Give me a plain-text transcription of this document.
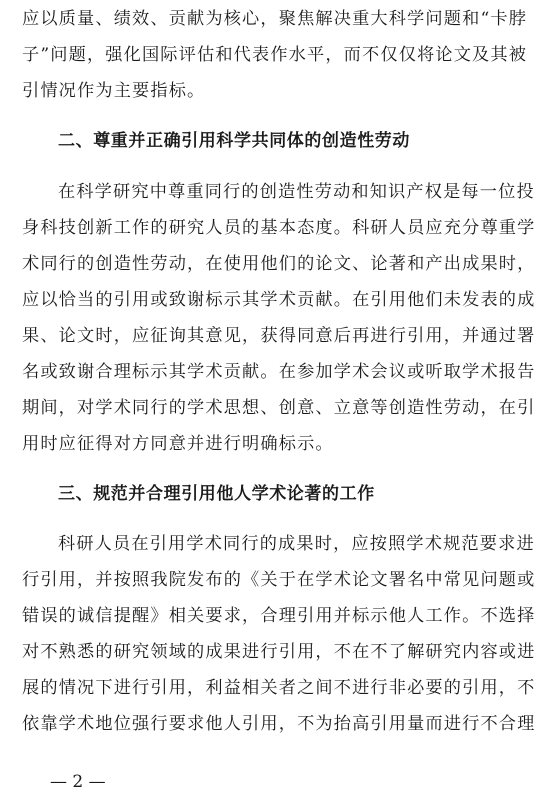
应以质量、绩效、贡献为核心，聚焦解决重大科学问题和“卡脖
子”问题，强化国际评估和代表作水平，而不仅仅将论文及其被
引情况作为主要指标。
二、尊重并正确引用科学共同体的创造性劳动
在科学研究中尊重同行的创造性劳动和知识产权是每一位投
身科技创新工作的研究人员的基本态度。科研人员应充分尊重学
术同行的创造性劳动，在使用他们的论文、论著和产出成果时，
应以恰当的引用或致谢标示其学术贡献。在引用他们未发表的成
果、论文时，应征询其意见，获得同意后再进行引用，并通过署
名或致谢合理标示其学术贡献。在参加学术会议或听取学术报告
期间，对学术同行的学术思想、创意、立意等创造性劳动，在引
用时应征得对方同意并进行明确标示。
三、规范并合理引用他人学术论著的工作
科研人员在引用学术同行的成果时，应按照学术规范要求进
行引用，并按照我院发布的《关于在学术论文署名中常见问题或
错误的诚信提醒》相关要求，合理引用并标示他人工作。不选择
对不熟悉的研究领域的成果进行引用，不在不了解研究内容或进
展的情况下进行引用，利益相关者之间不进行非必要的引用，不
依靠学术地位强行要求他人引用，不为抬高引用量而进行不合理
— 2 —
